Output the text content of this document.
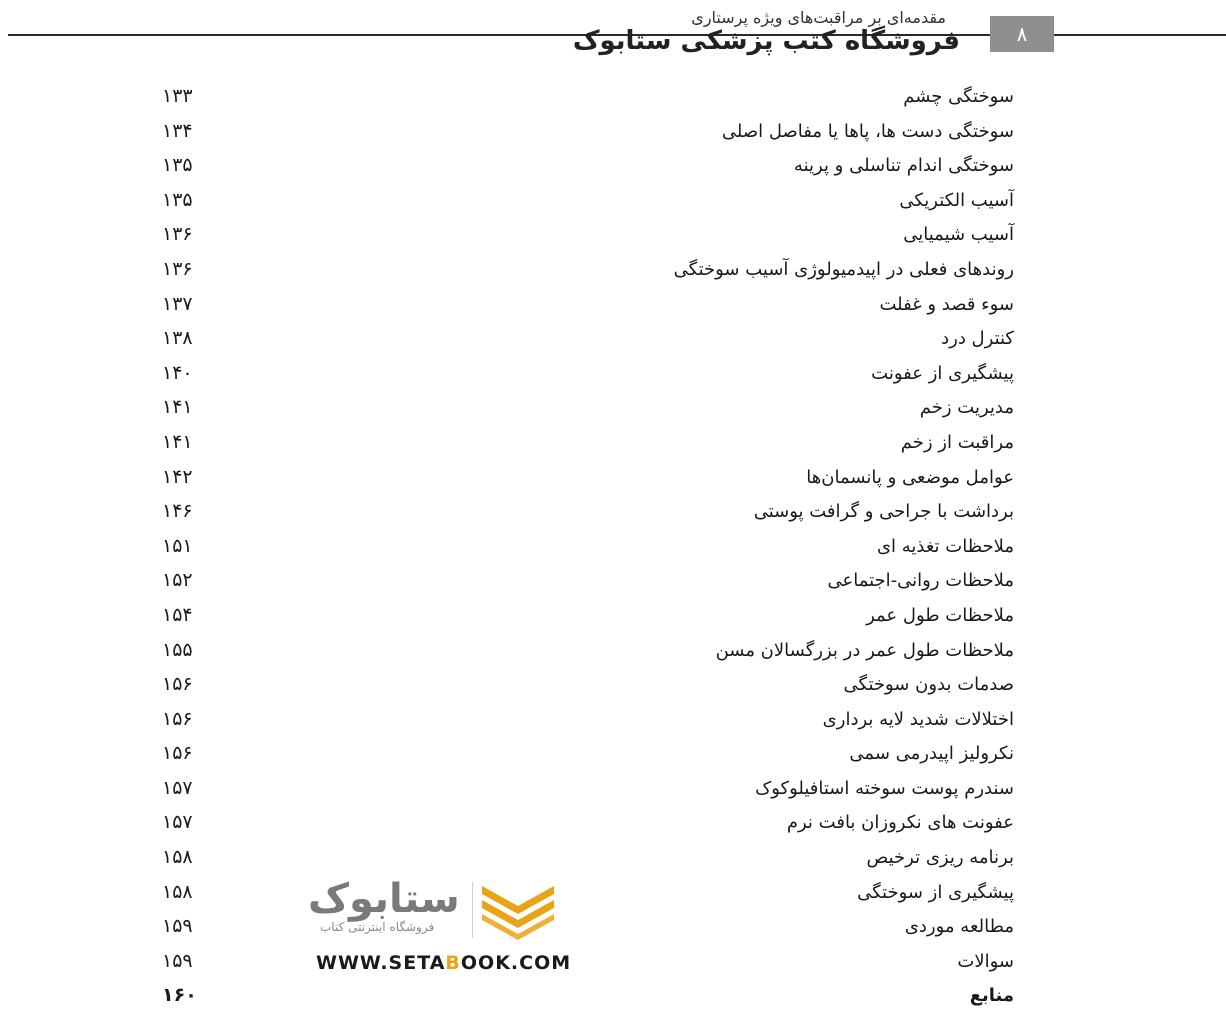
۸
مقدمه‌ای بر مراقبت‌های ویژه پرستاری
فروشگاه کتب پزشکی ستابوک
سوختگی چشم
۱۳۳
سوختگی دست ها، پاها یا مفاصل اصلی
۱۳۴
سوختگی اندام تناسلی و پرینه
۱۳۵
آسیب الکتریکی
۱۳۵
آسیب شیمیایی
۱۳۶
روندهای فعلی در اپیدمیولوژی آسیب سوختگی
۱۳۶
سوء قصد و غفلت
۱۳۷
کنترل درد
۱۳۸
پیشگیری از عفونت
۱۴۰
مدیریت زخم
۱۴۱
مراقبت از زخم
۱۴۱
عوامل موضعی و پانسمان‌ها
۱۴۲
برداشت با جراحی و گرافت پوستی
۱۴۶
ملاحظات تغذیه ای
۱۵۱
ملاحظات روانی-اجتماعی
۱۵۲
ملاحظات طول عمر
۱۵۴
ملاحظات طول عمر در بزرگسالان مسن
۱۵۵
صدمات بدون سوختگی
۱۵۶
اختلالات شدید لایه برداری
۱۵۶
نکرولیز اپیدرمی سمی
۱۵۶
سندرم پوست سوخته استافیلوکوک
۱۵۷
عفونت های نکروزان بافت نرم
۱۵۷
برنامه ریزی ترخیص
۱۵۸
پیشگیری از سوختگی
۱۵۸
مطالعه موردی
۱۵۹
سوالات
۱۵۹
منابع
۱۶۰
ستابوک
فروشگاه اینترنتی کتاب
WWW.SETABOOK.COM
